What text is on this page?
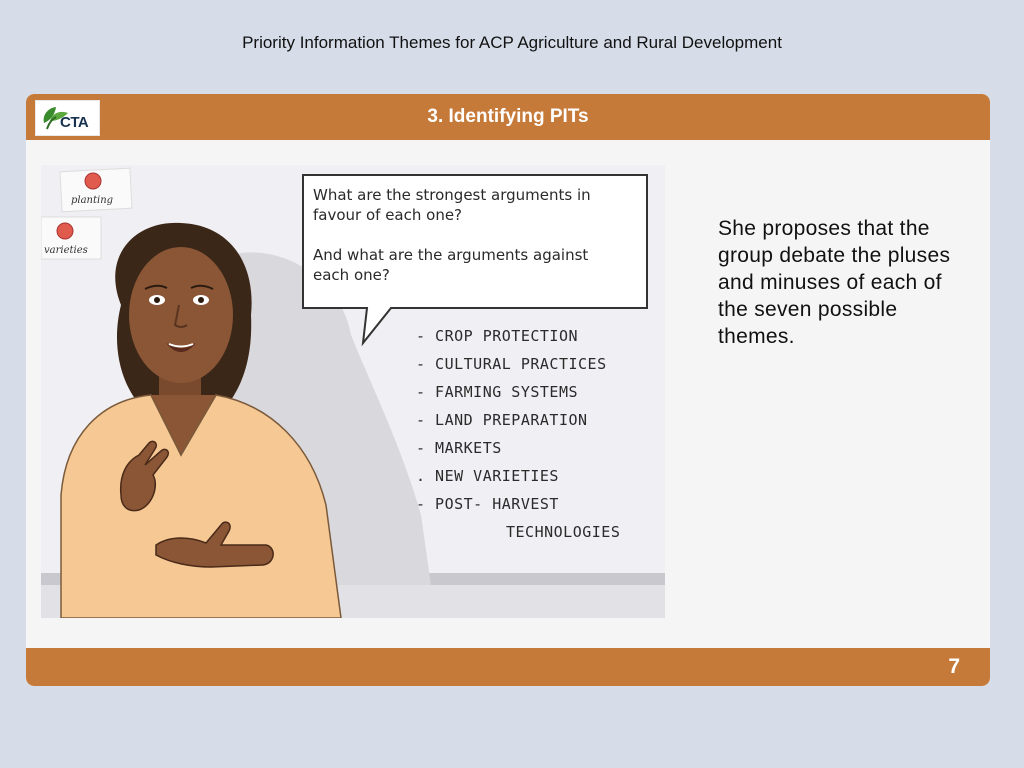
Priority Information Themes for ACP Agriculture and Rural Development
CTA	3. Identifying PITs
planting
varieties
What are the strongest arguments in
favour of each one?
And what are the arguments against
each one?
- CROP PROTECTION
- CULTURAL PRACTICES
- FARMING SYSTEMS
- LAND PREPARATION
- MARKETS
. NEW VARIETIES
- POST- HARVEST
TECHNOLOGIES
She proposes that the group debate the pluses and minuses of each of the seven possible themes.
7
